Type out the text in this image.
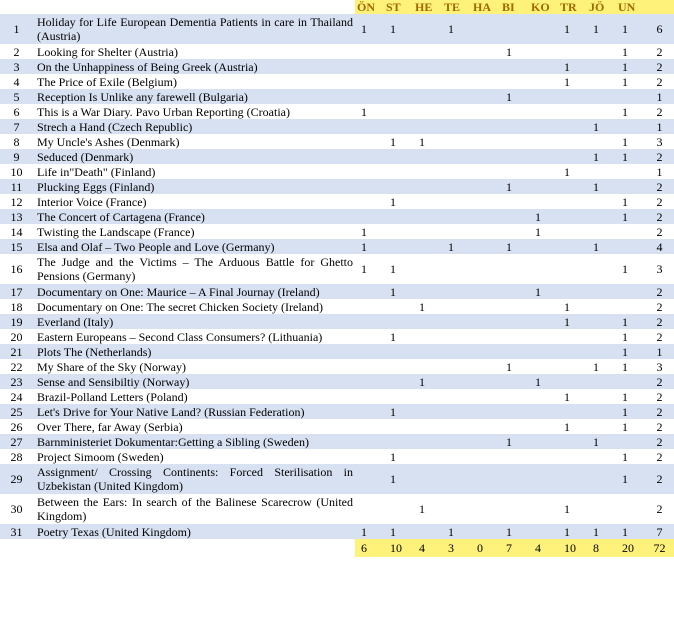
		ÖN	ST	HE	TE	HA	BI	KO	TR	JÖ	UN	
1	Holiday for Life European Dementia Patients in care in Thailand (Austria)	1	1		1				1	1	1	6
2	Looking for Shelter (Austria)						1				1	2
3	On the Unhappiness of Being Greek (Austria)								1		1	2
4	The Price of Exile (Belgium)								1		1	2
5	Reception Is Unlike any farewell (Bulgaria)						1					1
6	This is a War Diary. Pavo Urban Reporting (Croatia)	1									1	2
7	Strech a Hand (Czech Republic)									1		1
8	My Uncle's Ashes (Denmark)		1	1							1	3
9	Seduced (Denmark)									1	1	2
10	Life in"Death" (Finland)								1			1
11	Plucking Eggs (Finland)						1			1		2
12	Interior Voice (France)		1								1	2
13	The Concert of Cartagena (France)							1			1	2
14	Twisting the Landscape (France)	1						1				2
15	Elsa and Olaf – Two People and Love (Germany)	1			1		1			1		4
16	The Judge and the Victims – The Arduous Battle for Ghetto Pensions (Germany)	1	1								1	3
17	Documentary on One: Maurice – A Final Journay (Ireland)		1					1				2
18	Documentary on One: The secret Chicken Society (Ireland)			1					1			2
19	Everland (Italy)								1		1	2
20	Eastern Europeans – Second Class Consumers? (Lithuania)		1								1	2
21	Plots The (Netherlands)										1	1
22	My Share of the Sky (Norway)						1			1	1	3
23	Sense and Sensibiltiy (Norway)			1				1				2
24	Brazil-Polland Letters (Poland)								1		1	2
25	Let's Drive for Your Native Land? (Russian Federation)		1								1	2
26	Over There, far Away (Serbia)								1		1	2
27	Barnministeriet Dokumentar:Getting a Sibling (Sweden)						1			1		2
28	Project Simoom (Sweden)		1								1	2
29	Assignment/ Crossing Continents: Forced Sterilisation in Uzbekistan (United Kingdom)		1								1	2
30	Between the Ears: In search of the Balinese Scarecrow (United Kingdom)			1					1			2
31	Poetry Texas (United Kingdom)	1	1		1		1		1	1	1	7
		6	10	4	3	0	7	4	10	8	20	72
